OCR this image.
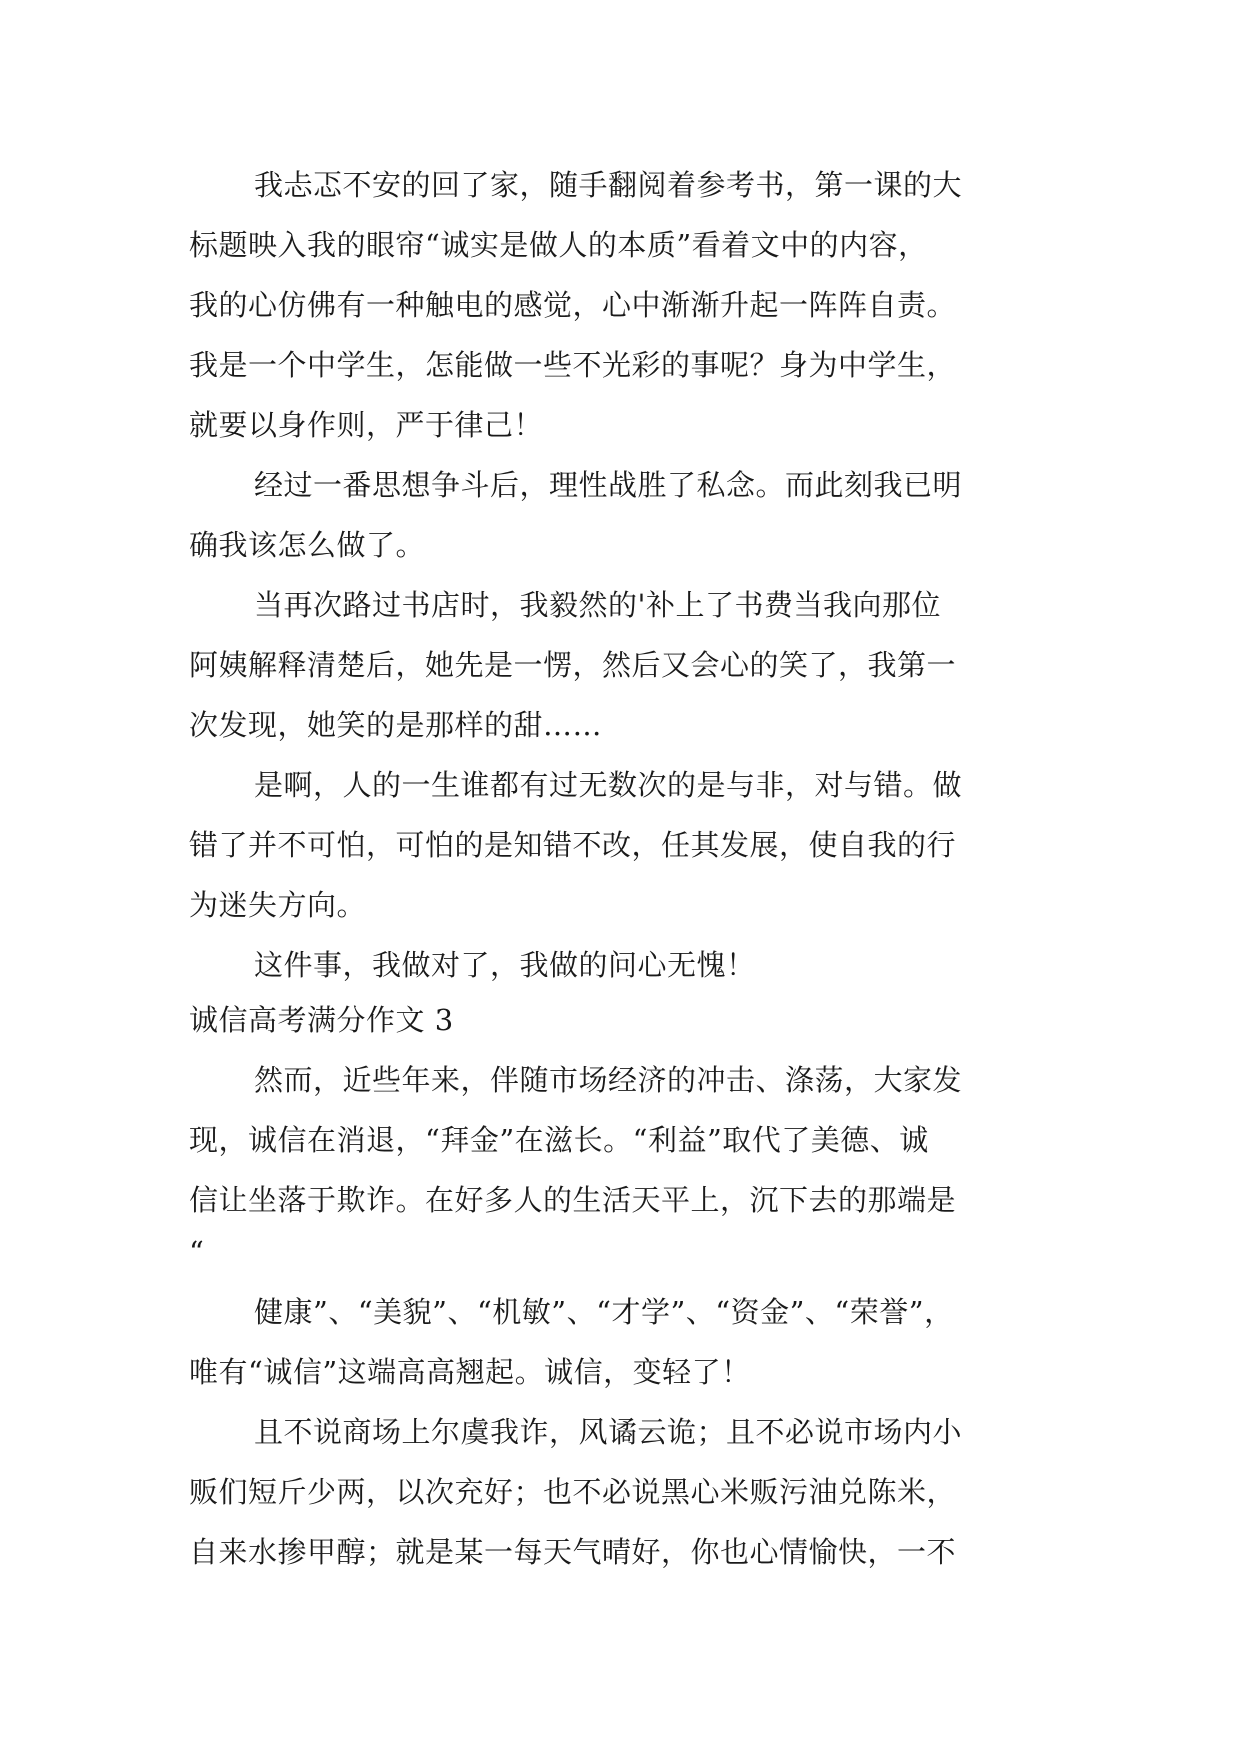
我忐忑不安的回了家，随手翻阅着参考书，第一课的大
标题映入我的眼帘“诚实是做人的本质”看着文中的内容，
我的心仿佛有一种触电的感觉，心中渐渐升起一阵阵自责。
我是一个中学生，怎能做一些不光彩的事呢？身为中学生，
就要以身作则，严于律己！
经过一番思想争斗后，理性战胜了私念。而此刻我已明
确我该怎么做了。
当再次路过书店时，我毅然的'补上了书费当我向那位
阿姨解释清楚后，她先是一愣，然后又会心的笑了，我第一
次发现，她笑的是那样的甜……
是啊，人的一生谁都有过无数次的是与非，对与错。做
错了并不可怕，可怕的是知错不改，任其发展，使自我的行
为迷失方向。
这件事，我做对了，我做的问心无愧！
诚信高考满分作文 3
然而，近些年来，伴随市场经济的冲击、涤荡，大家发
现，诚信在消退，“拜金”在滋长。“利益”取代了美德、诚
信让坐落于欺诈。在好多人的生活天平上，沉下去的那端是
“
健康”、“美貌”、“机敏”、“才学”、“资金”、“荣誉”，
唯有“诚信”这端高高翘起。诚信，变轻了！
且不说商场上尔虞我诈，风谲云诡；且不必说市场内小
贩们短斤少两，以次充好；也不必说黑心米贩污油兑陈米，
自来水掺甲醇；就是某一每天气晴好，你也心情愉快，一不
